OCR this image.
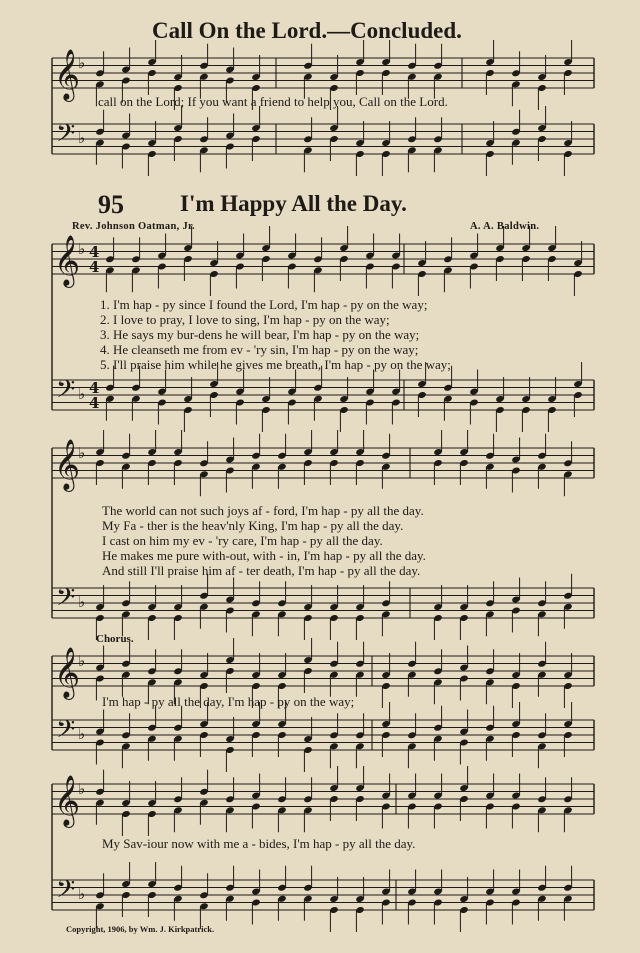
Call On the Lord.—Concluded.
call on the Lord; If you want a friend to help you, Call on the Lord.
95 I'm Happy All the Day.
Rev. Johnson Oatman, Jr.	A. A. Baldwin.
1. I'm hap - py since I found the Lord, I'm hap - py on the way;
2. I love to pray, I love to sing, I'm hap - py on the way;
3. He says my bur-dens he will bear, I'm hap - py on the way;
4. He cleanseth me from ev - 'ry sin, I'm hap - py on the way;
5. I'll praise him while he gives me breath, I'm hap - py on the way;
The world can not such joys af - ford, I'm hap - py all the day.
My Fa - ther is the heav'nly King, I'm hap - py all the day.
I cast on him my ev - 'ry care, I'm hap - py all the day.
He makes me pure with-out, with - in, I'm hap - py all the day.
And still I'll praise him af - ter death, I'm hap - py all the day.
Chorus.
I'm hap - py all the day, I'm hap - py on the way;
My Sav-iour now with me a - bides, I'm hap - py all the day.
Copyright, 1906, by Wm. J. Kirkpatrick.
𝄞
𝄢
♭
♭
𝄞
𝄢
♭
♭
4
4
4
4
𝄞
𝄢
♭
♭
𝄞
𝄢
♭
♭
𝄞
𝄢
♭
♭
